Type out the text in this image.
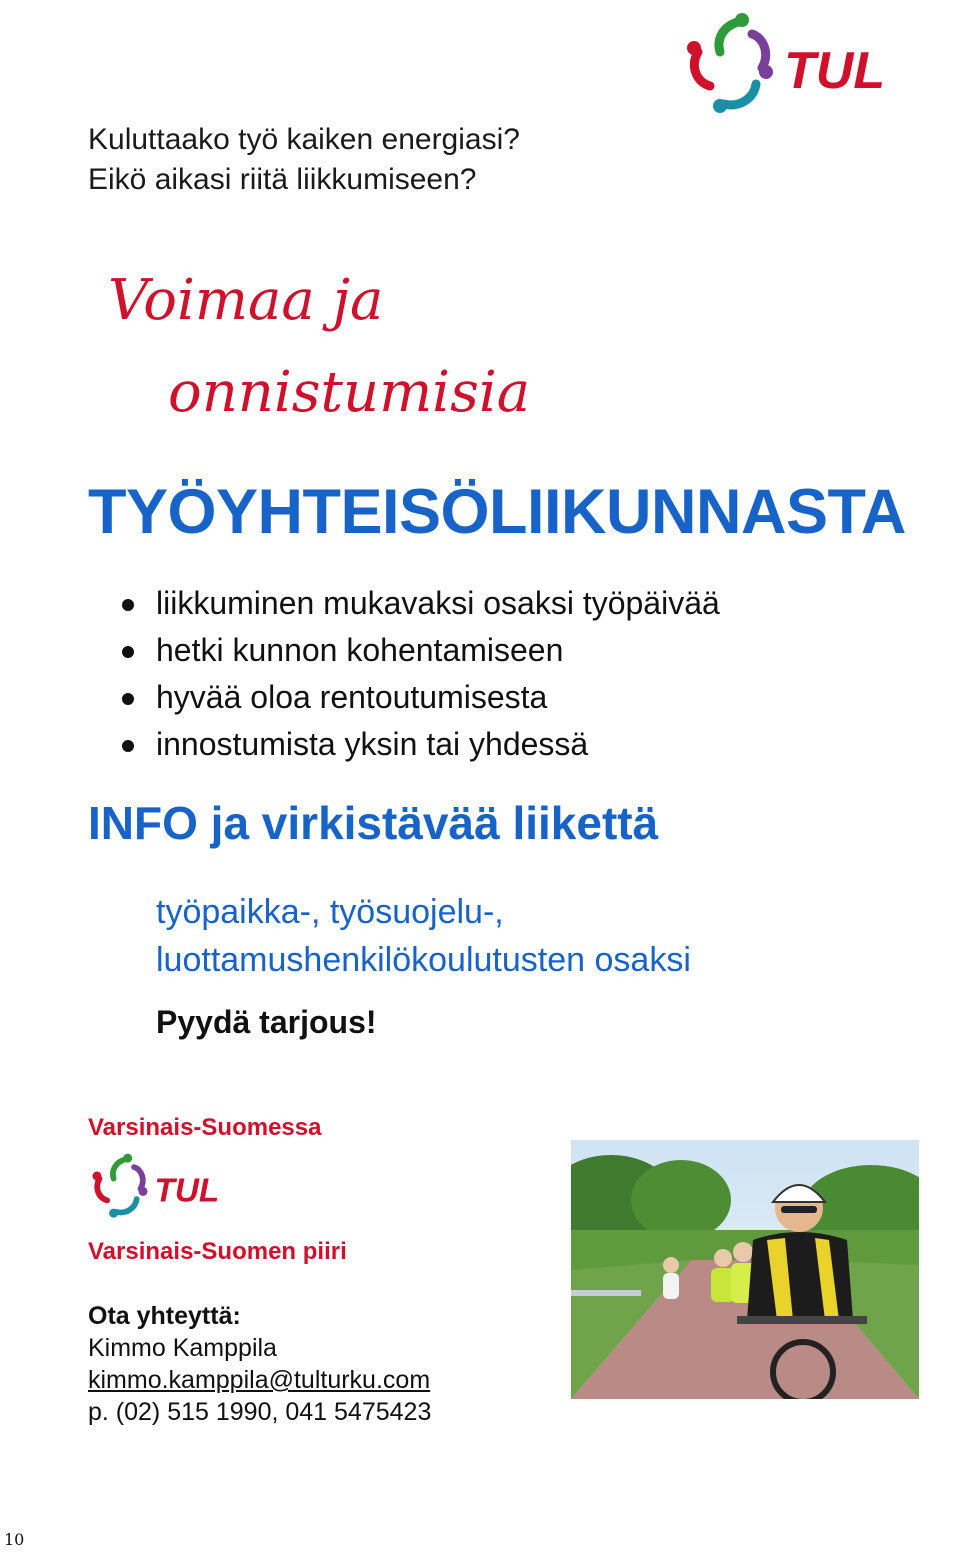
TUL
Kuluttaako työ kaiken energiasi?
Eikö aikasi riitä liikkumiseen?
Voimaa ja
onnistumisia
TYÖYHTEISÖLIIKUNNASTA
liikkuminen mukavaksi osaksi työpäivää
hetki kunnon kohentamiseen
hyvää oloa rentoutumisesta
innostumista yksin tai yhdessä
INFO ja virkistävää liikettä
työpaikka-, työsuojelu-,
luottamushenkilökoulutusten osaksi
Pyydä tarjous!
Varsinais-Suomessa
TUL
Varsinais-Suomen piiri
Ota yhteyttä:
Kimmo Kamppila
kimmo.kamppila@tulturku.com
p. (02) 515 1990, 041 5475423
10
